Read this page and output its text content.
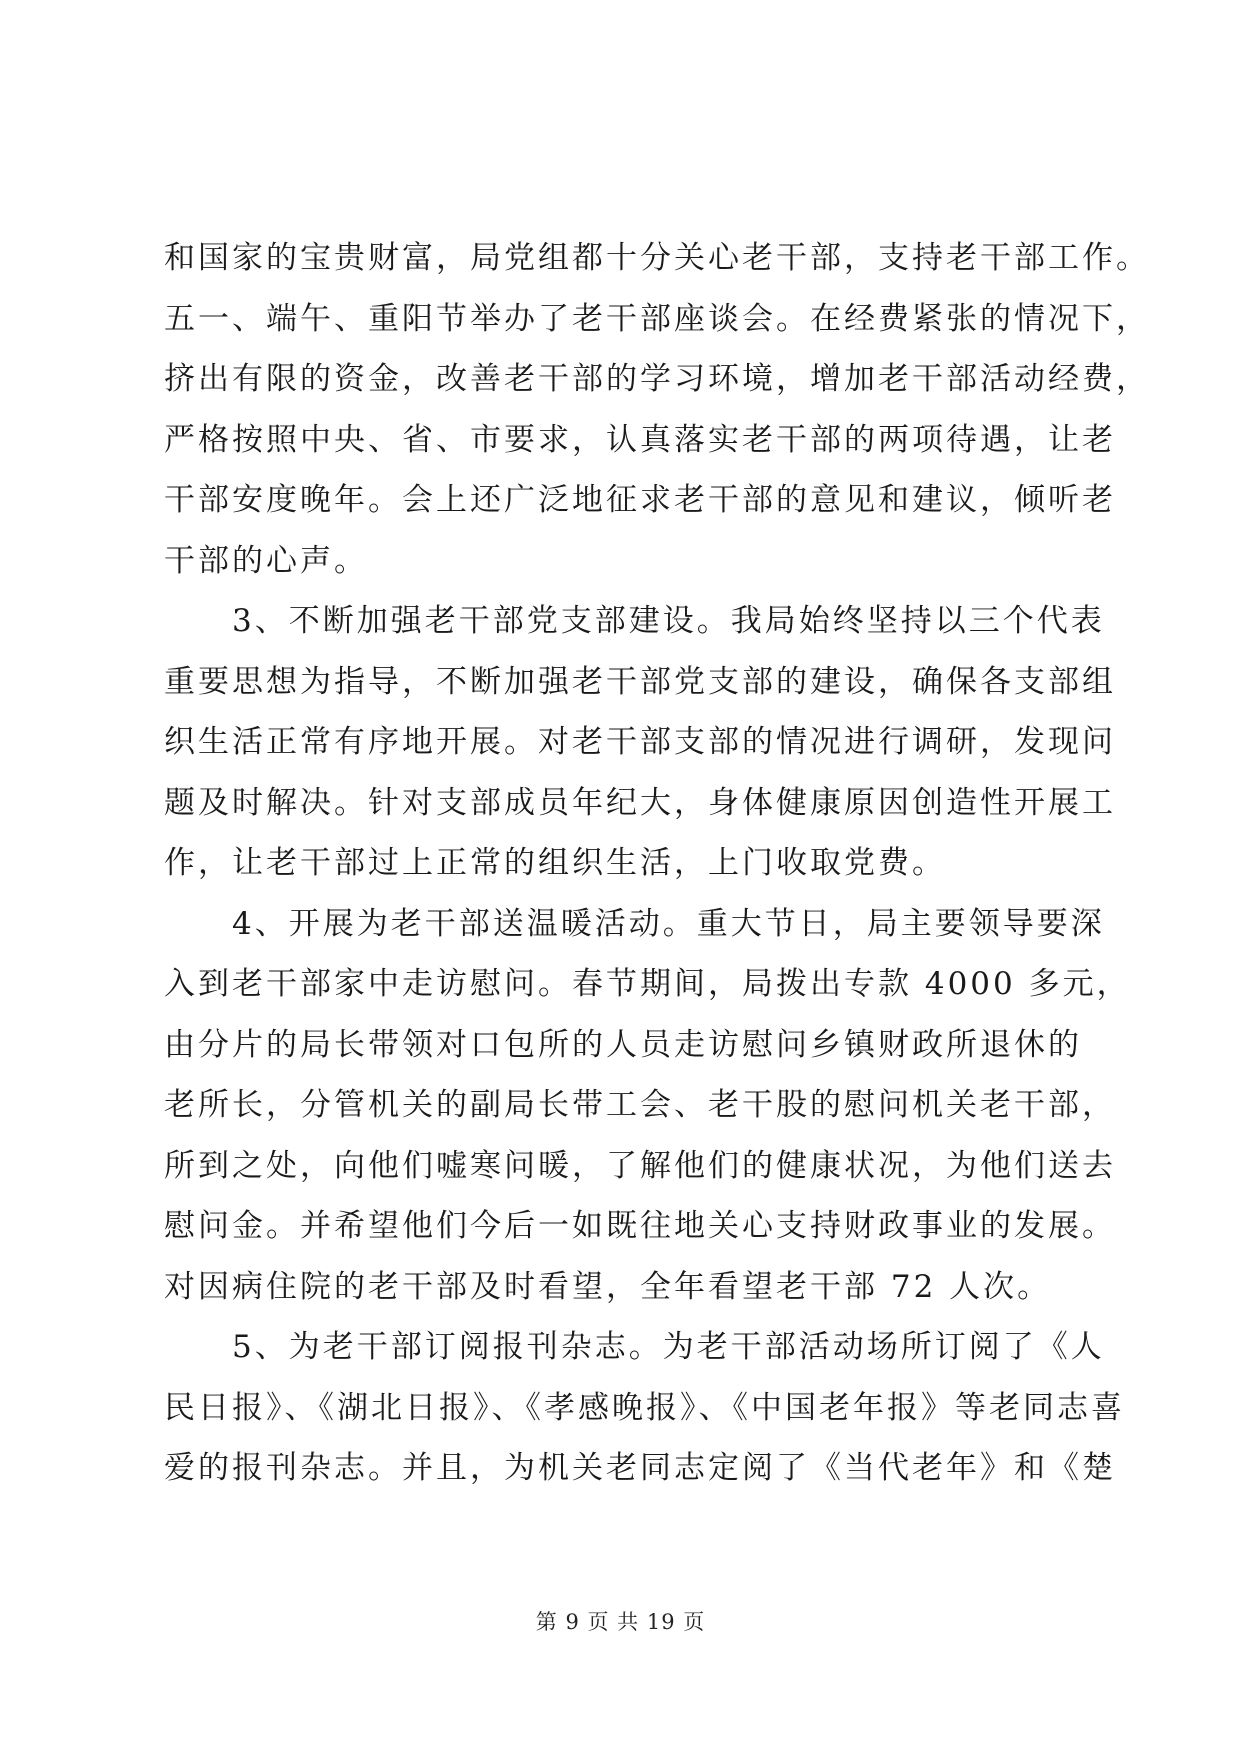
和国家的宝贵财富，局党组都十分关心老干部，支持老干部工作。
五一、端午、重阳节举办了老干部座谈会。在经费紧张的情况下，
挤出有限的资金，改善老干部的学习环境，增加老干部活动经费，
严格按照中央、省、市要求，认真落实老干部的两项待遇，让老
干部安度晚年。会上还广泛地征求老干部的意见和建议，倾听老
干部的心声。
　　3、不断加强老干部党支部建设。我局始终坚持以三个代表
重要思想为指导，不断加强老干部党支部的建设，确保各支部组
织生活正常有序地开展。对老干部支部的情况进行调研，发现问
题及时解决。针对支部成员年纪大，身体健康原因创造性开展工
作，让老干部过上正常的组织生活，上门收取党费。
　　4、开展为老干部送温暖活动。重大节日，局主要领导要深
入到老干部家中走访慰问。春节期间，局拨出专款 4000 多元，
由分片的局长带领对口包所的人员走访慰问乡镇财政所退休的
老所长，分管机关的副局长带工会、老干股的慰问机关老干部，
所到之处，向他们嘘寒问暖，了解他们的健康状况，为他们送去
慰问金。并希望他们今后一如既往地关心支持财政事业的发展。
对因病住院的老干部及时看望，全年看望老干部 72 人次。
　　5、为老干部订阅报刊杂志。为老干部活动场所订阅了《人
民日报》、《湖北日报》、《孝感晚报》、《中国老年报》等老同志喜
爱的报刊杂志。并且，为机关老同志定阅了《当代老年》和《楚
第 9 页 共 19 页
